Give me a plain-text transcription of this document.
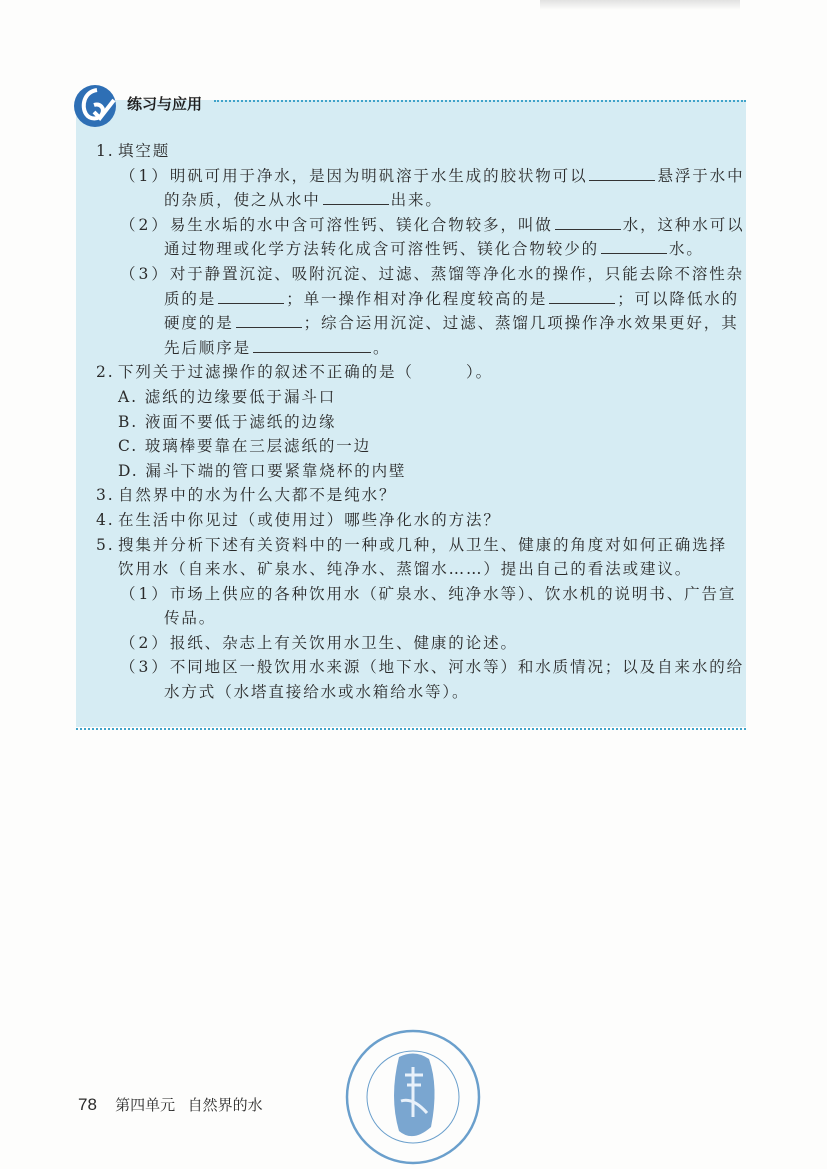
练习与应用
1. 填空题
（1）明矾可用于净水，是因为明矾溶于水生成的胶状物可以	悬浮于水中
的杂质，使之从水中	出来。
（2）易生水垢的水中含可溶性钙、镁化合物较多，叫做	水，这种水可以
通过物理或化学方法转化成含可溶性钙、镁化合物较少的	水。
（3）对于静置沉淀、吸附沉淀、过滤、蒸馏等净化水的操作，只能去除不溶性杂
质的是	；单一操作相对净化程度较高的是	；可以降低水的
硬度的是	；综合运用沉淀、过滤、蒸馏几项操作净水效果更好，其
先后顺序是	。
2. 下列关于过滤操作的叙述不正确的是（　　　）。
A. 滤纸的边缘要低于漏斗口
B. 液面不要低于滤纸的边缘
C. 玻璃棒要靠在三层滤纸的一边
D. 漏斗下端的管口要紧靠烧杯的内壁
3. 自然界中的水为什么大都不是纯水？
4. 在生活中你见过（或使用过）哪些净化水的方法？
5. 搜集并分析下述有关资料中的一种或几种，从卫生、健康的角度对如何正确选择
饮用水（自来水、矿泉水、纯净水、蒸馏水……）提出自己的看法或建议。
（1）市场上供应的各种饮用水（矿泉水、纯净水等）、饮水机的说明书、广告宣
传品。
（2）报纸、杂志上有关饮用水卫生、健康的论述。
（3）不同地区一般饮用水来源（地下水、河水等）和水质情况；以及自来水的给
水方式（水塔直接给水或水箱给水等）。
78 第四单元 自然界的水
